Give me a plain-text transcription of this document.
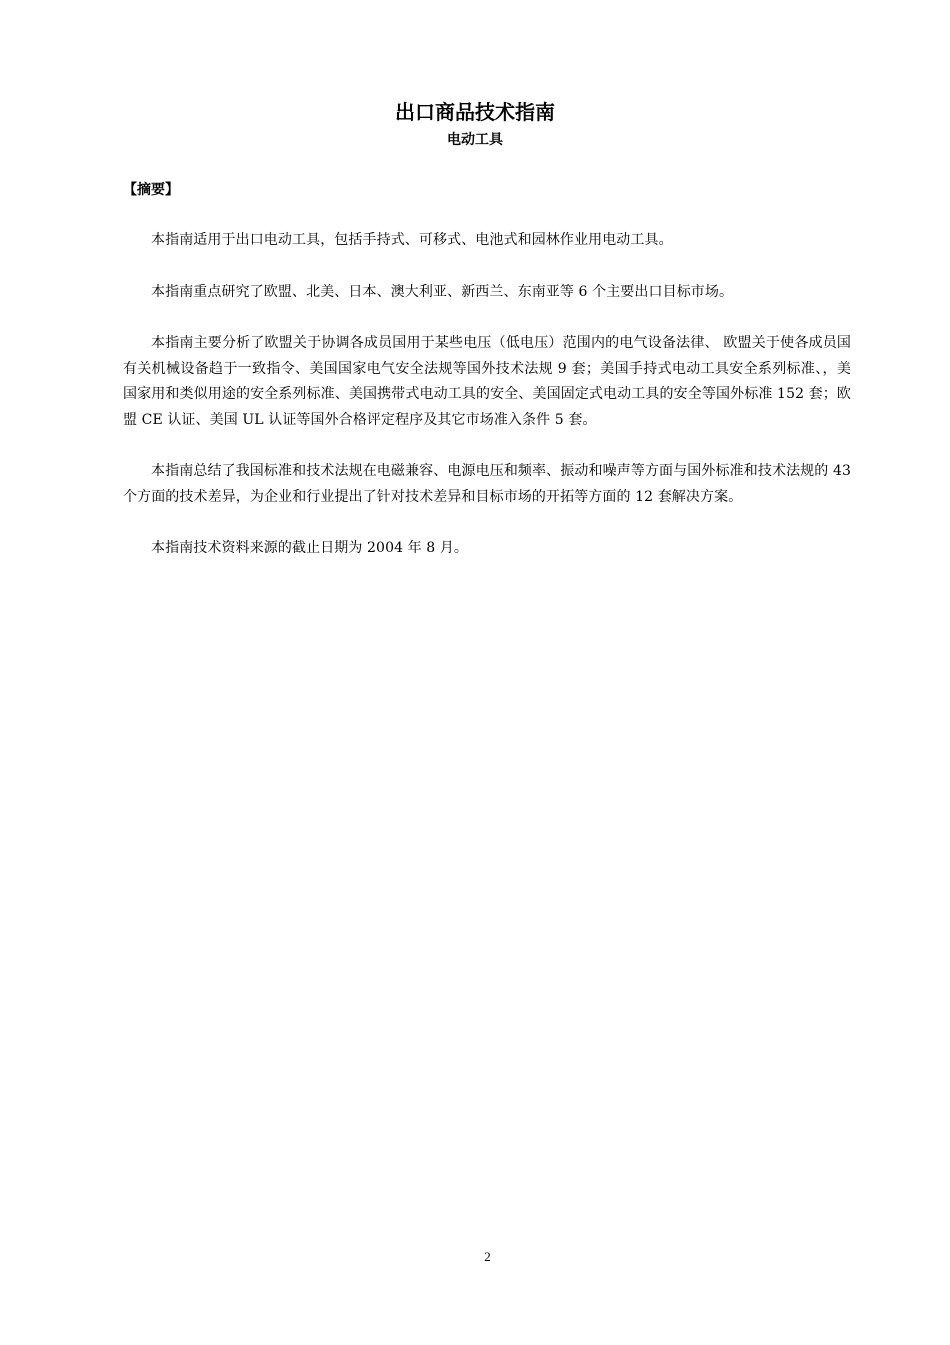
出口商品技术指南
电动工具
【摘要】

本指南适用于出口电动工具，包括手持式、可移式、电池式和园林作业用电动工具。

本指南重点研究了欧盟、北美、日本、澳大利亚、新西兰、东南亚等 6 个主要出口目标市场。

本指南主要分析了欧盟关于协调各成员国用于某些电压（低电压）范围内的电气设备法律、 欧盟关于使各成员国有关机械设备趋于一致指令、美国国家电气安全法规等国外技术法规 9 套；美国手持式电动工具安全系列标准、，美国家用和类似用途的安全系列标准、美国携带式电动工具的安全、美国固定式电动工具的安全等国外标准 152 套；欧盟 CE 认证、美国 UL 认证等国外合格评定程序及其它市场准入条件 5 套。

本指南总结了我国标准和技术法规在电磁兼容、电源电压和频率、振动和噪声等方面与国外标准和技术法规的 43 个方面的技术差异，为企业和行业提出了针对技术差异和目标市场的开拓等方面的 12 套解决方案。

本指南技术资料来源的截止日期为 2004 年 8 月。

2
